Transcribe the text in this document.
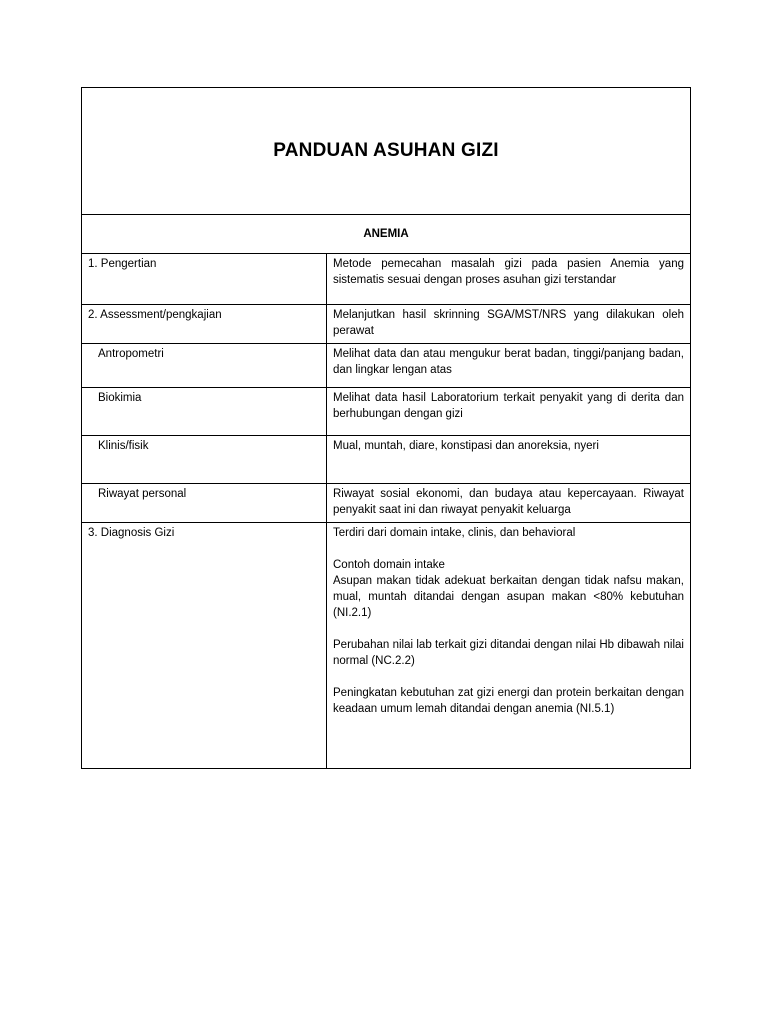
PANDUAN ASUHAN GIZI
ANEMIA
1. Pengertian	Metode pemecahan masalah gizi pada pasien Anemia yang sistematis sesuai dengan proses asuhan gizi terstandar
2. Assessment/pengkajian	Melanjutkan hasil skrinning SGA/MST/NRS yang dilakukan oleh perawat
Antropometri	Melihat data dan atau mengukur berat badan, tinggi/panjang badan, dan lingkar lengan atas
Biokimia	Melihat data hasil Laboratorium terkait penyakit yang di derita dan berhubungan dengan gizi
Klinis/fisik	Mual, muntah, diare, konstipasi dan anoreksia, nyeri
Riwayat personal	Riwayat sosial ekonomi, dan budaya atau kepercayaan. Riwayat penyakit saat ini dan riwayat penyakit keluarga
3. Diagnosis Gizi	Terdiri dari domain intake, clinis, dan behavioral

Contoh domain intake

Asupan makan tidak adekuat berkaitan dengan tidak nafsu makan, mual, muntah ditandai dengan asupan makan <80% kebutuhan (NI.2.1)

Perubahan nilai lab terkait gizi ditandai dengan nilai Hb dibawah nilai normal (NC.2.2)

Peningkatan kebutuhan zat gizi energi dan protein berkaitan dengan keadaan umum lemah ditandai dengan anemia (NI.5.1)
